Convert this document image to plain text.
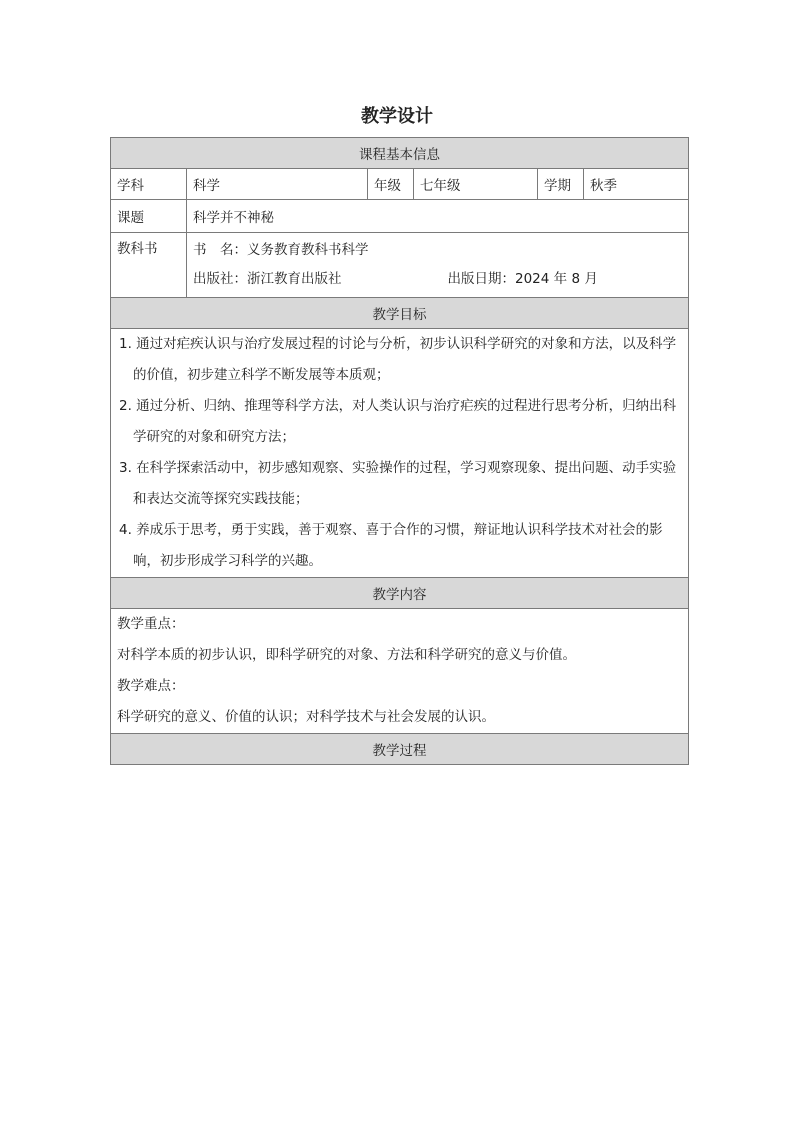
教学设计
课程基本信息					
学科	科学	年级	七年级	学期	秋季
课题	科学并不神秘				
教科书	书　名：义务教育教科书科学
出版社：浙江教育出版社 出版日期：2024 年 8 月				

教学目标					

1. 通过对疟疾认识与治疗发展过程的讨论与分析，初步认识科学研究的对象和方法，以及科学的价值，初步建立科学不断发展等本质观；
2. 通过分析、归纳、推理等科学方法，对人类认识与治疗疟疾的过程进行思考分析，归纳出科学研究的对象和研究方法；
3. 在科学探索活动中，初步感知观察、实验操作的过程，学习观察现象、提出问题、动手实验和表达交流等探究实践技能；
4. 养成乐于思考，勇于实践，善于观察、喜于合作的习惯，辩证地认识科学技术对社会的影响，初步形成学习科学的兴趣。					

教学内容					

教学重点：
对科学本质的初步认识，即科学研究的对象、方法和科学研究的意义与价值。
教学难点：
科学研究的意义、价值的认识；对科学技术与社会发展的认识。					

教学过程					
